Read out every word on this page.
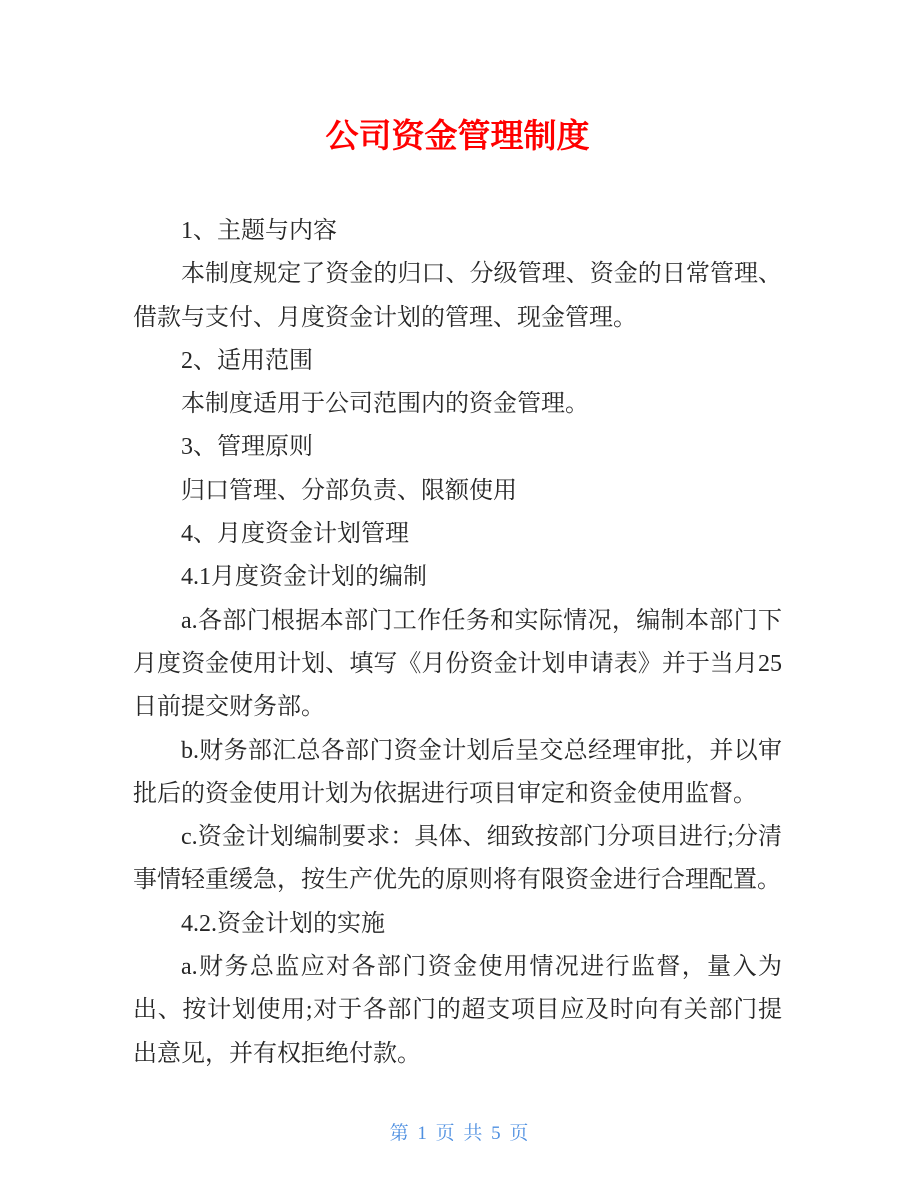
公司资金管理制度

1、主题与内容

本制度规定了资金的归口、分级管理、资金的日常管理、借款与支付、月度资金计划的管理、现金管理。

2、适用范围

本制度适用于公司范围内的资金管理。

3、管理原则

归口管理、分部负责、限额使用

4、月度资金计划管理

4.1月度资金计划的编制

a.各部门根据本部门工作任务和实际情况，编制本部门下月度资金使用计划、填写《月份资金计划申请表》并于当月25日前提交财务部。

b.财务部汇总各部门资金计划后呈交总经理审批，并以审批后的资金使用计划为依据进行项目审定和资金使用监督。

c.资金计划编制要求：具体、细致按部门分项目进行;分清事情轻重缓急，按生产优先的原则将有限资金进行合理配置。

4.2.资金计划的实施

a.财务总监应对各部门资金使用情况进行监督，量入为出、按计划使用;对于各部门的超支项目应及时向有关部门提出意见，并有权拒绝付款。

第 1 页 共 5 页
